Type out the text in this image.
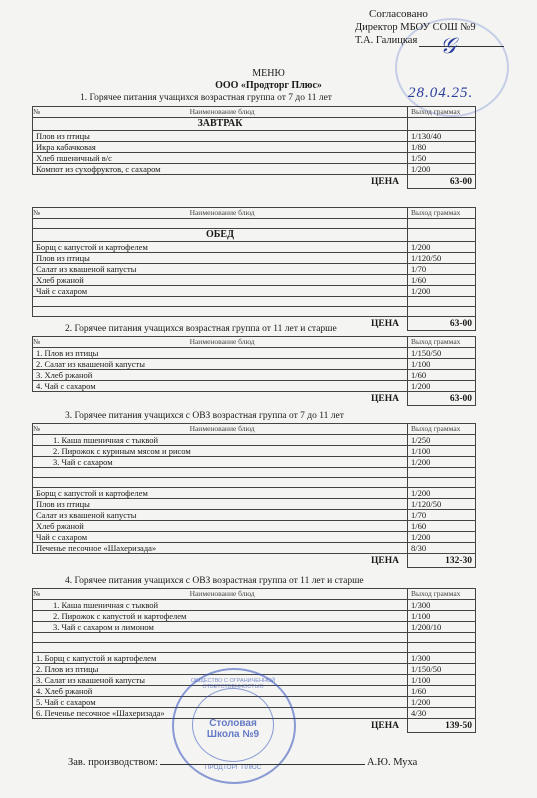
Согласовано
Директор МБОУ СОШ №9
Т.А. Галицкая	𝒢
28.04.25.
МЕНЮ
ООО «Продторг Плюс»
1. Горячее питания учащихся возрастная группа от 7 до 11 лет
№ Наименование блюд	Выход граммах
ЗАВТРАК	
Плов из птицы	1/130/40
Икра кабачковая	1/80
Хлеб пшеничный в/с	1/50
Компот из сухофруктов, с сахаром	1/200
ЦЕНА	63-00
№ Наименование блюд	Выход граммах

ОБЕД	
Борщ с капустой и картофелем	1/200
Плов из птицы	1/120/50
Салат из квашеной капусты	1/70
Хлеб ржаной	1/60
Чай с сахаром	1/200

ЦЕНА	63-00
2. Горячее питания учащихся возрастная группа от 11 лет и старше
№ Наименование блюд	Выход граммах
1. Плов из птицы	1/150/50
2. Салат из квашеной капусты	1/100
3. Хлеб ржаной	1/60
4. Чай с сахаром	1/200
ЦЕНА	63-00
3. Горячее питания учащихся с ОВЗ возрастная группа от 7 до 11 лет
№ Наименование блюд	Выход граммах
1. Каша пшеничная с тыквой	1/250
2. Пирожок с куриным мясом и рисом	1/100
3. Чай с сахаром	1/200

Борщ с капустой и картофелем	1/200
Плов из птицы	1/120/50
Салат из квашеной капусты	1/70
Хлеб ржаной	1/60
Чай с сахаром	1/200
Печенье песочное «Шахеризада»	8/30
ЦЕНА	132-30
4. Горячее питания учащихся с ОВЗ возрастная группа от 11 лет и старше
№ Наименование блюд	Выход граммах
1. Каша пшеничная с тыквой	1/300
2. Пирожок с капустой и картофелем	1/100
3. Чай с сахаром и лимоном	1/200/10

1. Борщ с капустой и картофелем	1/300
2. Плов из птицы	1/150/50
3. Салат из квашеной капусты	1/100
4. Хлеб ржаной	1/60
5. Чай с сахаром	1/200
6. Печенье песочное «Шахеризада»	4/30
ЦЕНА	139-50
ОБЩЕСТВО С ОГРАНИЧЕННОЙ ОТВЕТСТВЕННОСТЬЮ
Столовая
Школа №9
ПРОДТОРГ ПЛЮС
Зав. производством:	А.Ю. Муха
